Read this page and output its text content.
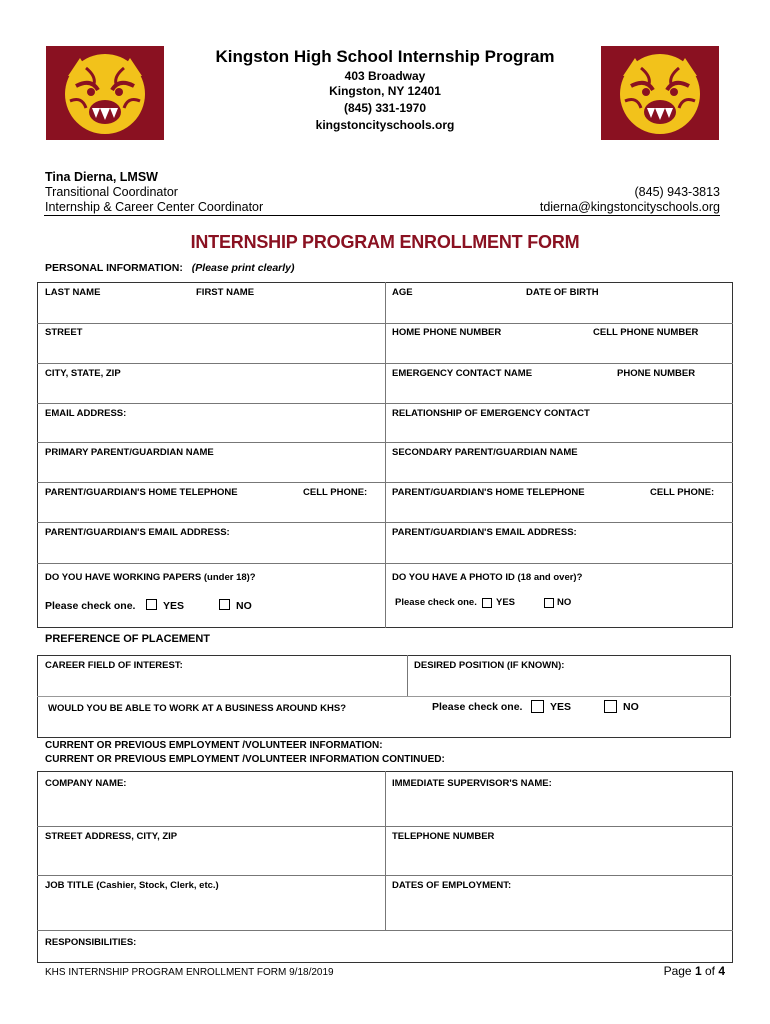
Kingston High School Internship Program
403 Broadway
Kingston, NY 12401
(845) 331-1970
kingstoncityschools.org
Tina Dierna, LMSW
Transitional Coordinator
Internship & Career Center Coordinator
(845) 943-3813
tdierna@kingstoncityschools.org
INTERNSHIP PROGRAM ENROLLMENT FORM
PERSONAL INFORMATION: (Please print clearly)
LAST NAME	FIRST NAME	AGE	DATE OF BIRTH
STREET	HOME PHONE NUMBER	CELL PHONE NUMBER
CITY, STATE, ZIP	EMERGENCY CONTACT NAME	PHONE NUMBER
EMAIL ADDRESS:	RELATIONSHIP OF EMERGENCY CONTACT
PRIMARY PARENT/GUARDIAN NAME	SECONDARY PARENT/GUARDIAN NAME
PARENT/GUARDIAN'S HOME TELEPHONE	CELL PHONE:	PARENT/GUARDIAN'S HOME TELEPHONE	CELL PHONE:
PARENT/GUARDIAN'S EMAIL ADDRESS:	PARENT/GUARDIAN'S EMAIL ADDRESS:
DO YOU HAVE WORKING PAPERS (under 18)?	DO YOU HAVE A PHOTO ID (18 and over)?
Please check one.	YES	NO	Please check one. YES	NO
PREFERENCE OF PLACEMENT
CAREER FIELD OF INTEREST:	DESIRED POSITION (IF KNOWN):
WOULD YOU BE ABLE TO WORK AT A BUSINESS AROUND KHS?	Please check one.	YES	NO
CURRENT OR PREVIOUS EMPLOYMENT /VOLUNTEER INFORMATION:
CURRENT OR PREVIOUS EMPLOYMENT /VOLUNTEER INFORMATION CONTINUED:
COMPANY NAME:	IMMEDIATE SUPERVISOR'S NAME:
STREET ADDRESS, CITY, ZIP	TELEPHONE NUMBER
JOB TITLE (Cashier, Stock, Clerk, etc.)	DATES OF EMPLOYMENT:
RESPONSIBILITIES:
KHS INTERNSHIP PROGRAM ENROLLMENT FORM 9/18/2019	Page 1 of 4
